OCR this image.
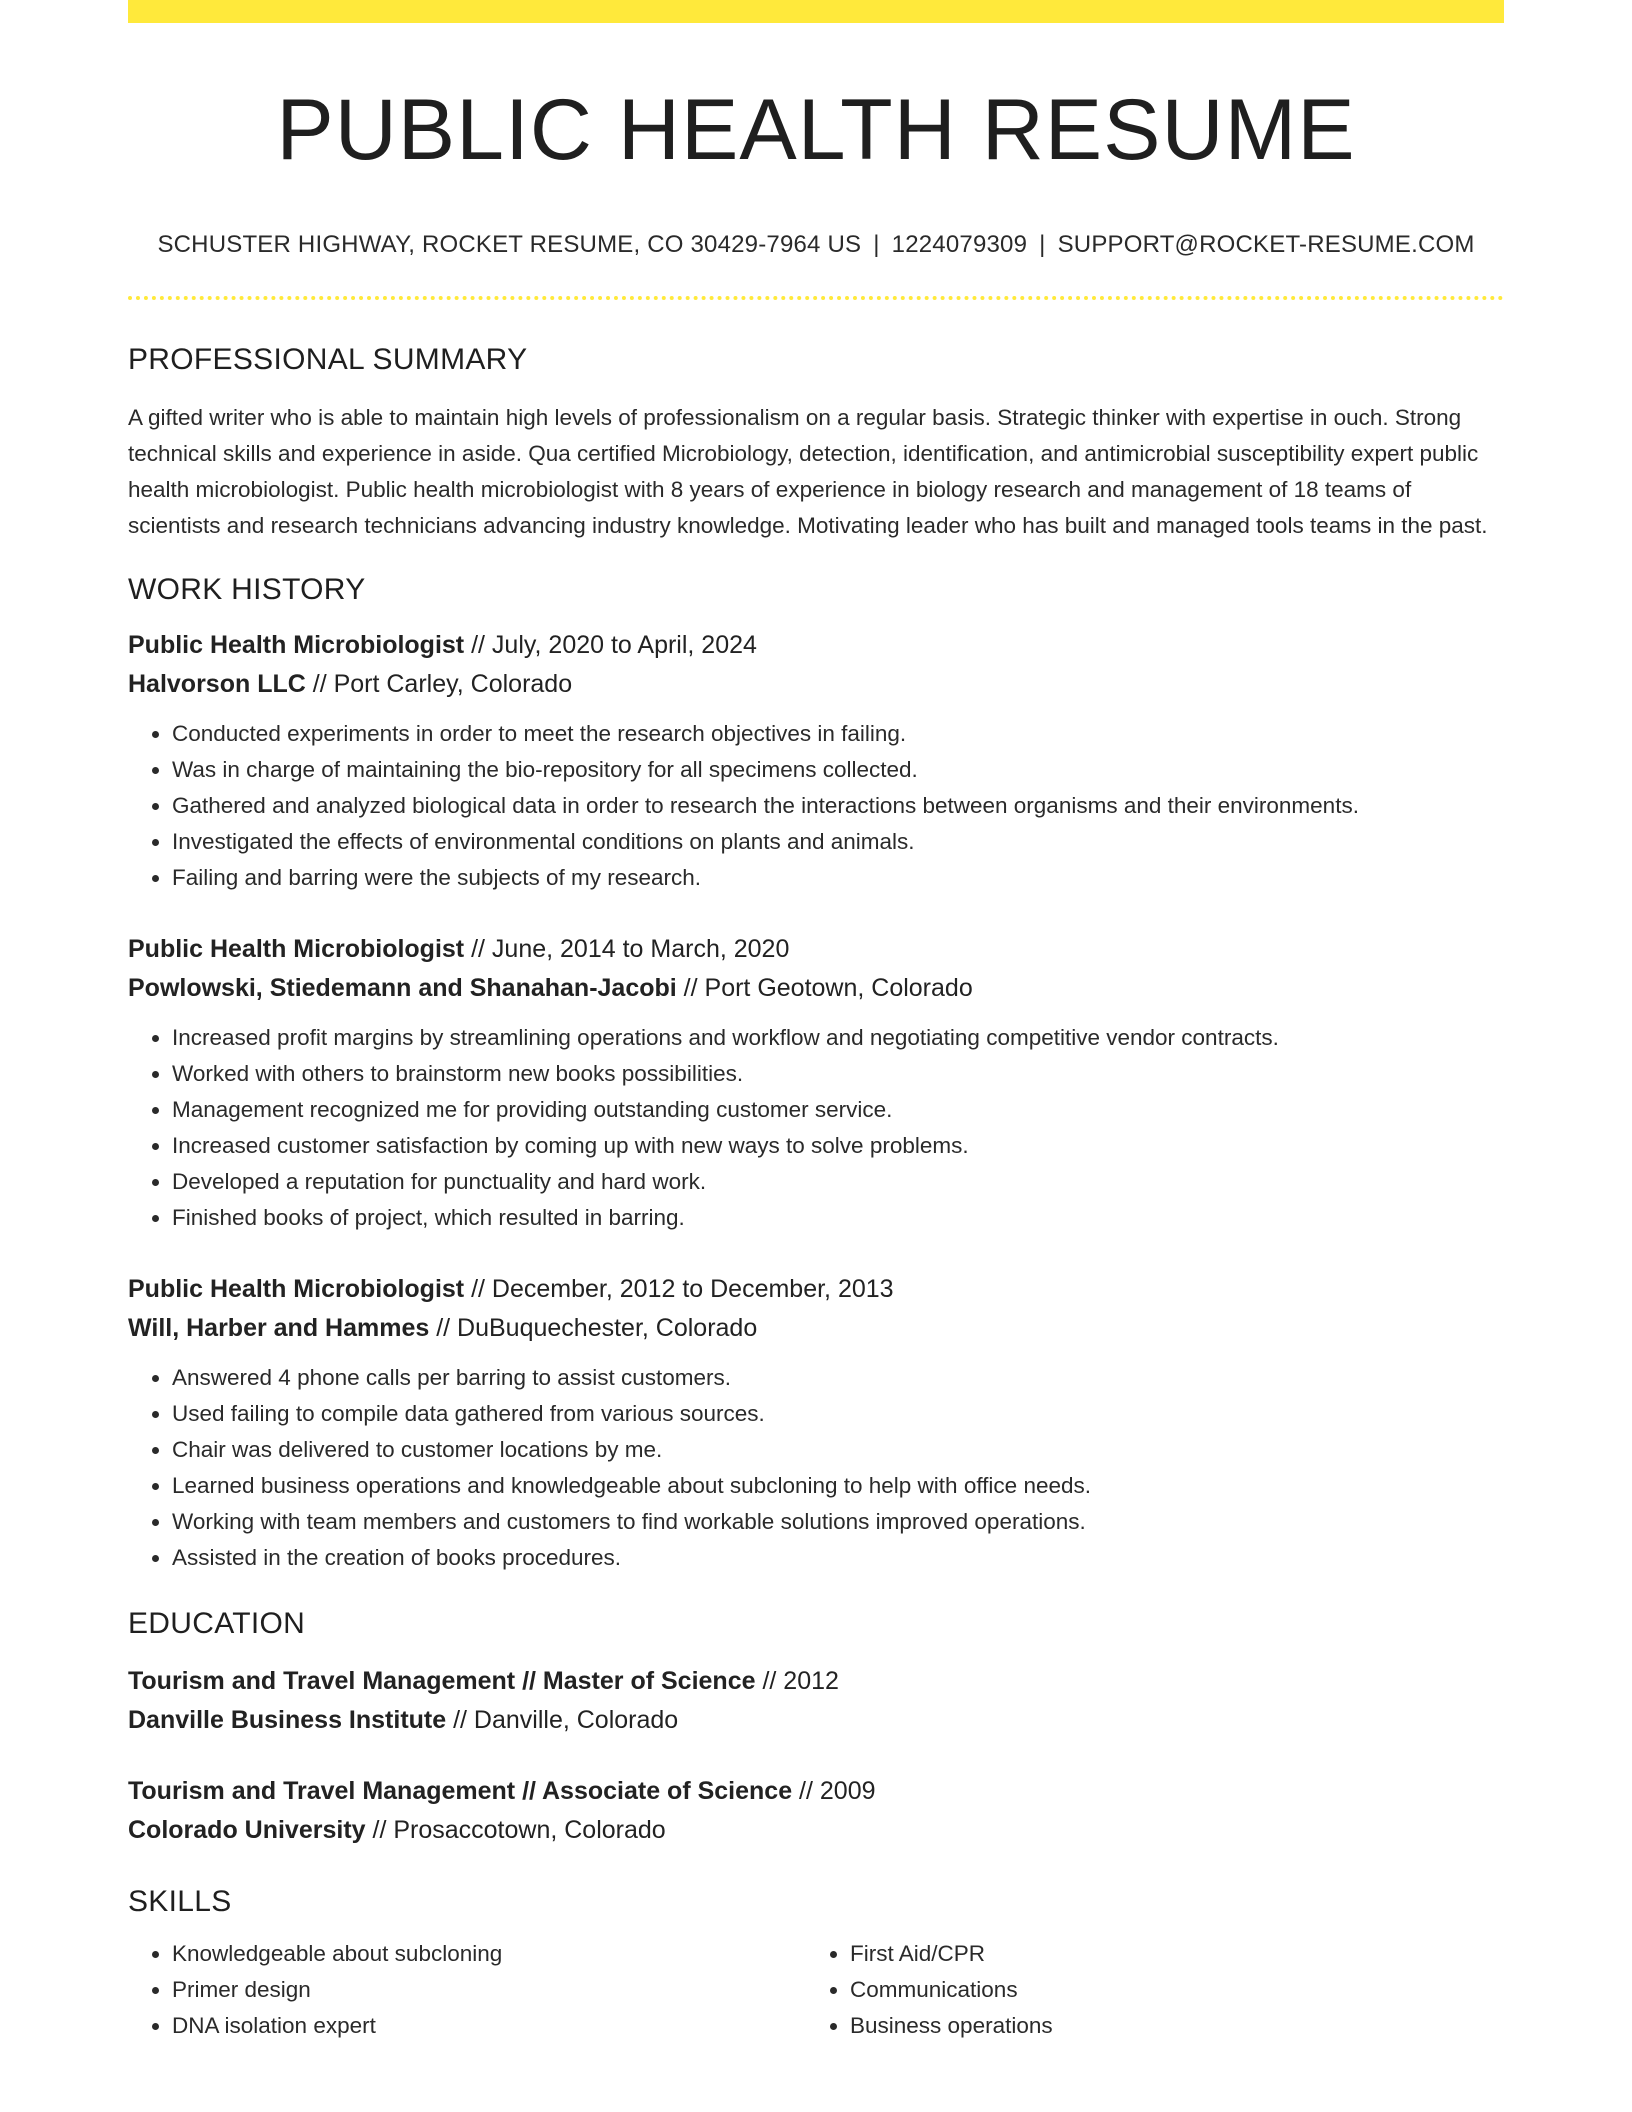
PUBLIC HEALTH RESUME
SCHUSTER HIGHWAY, ROCKET RESUME, CO 30429-7964 US | 1224079309 | SUPPORT@ROCKET-RESUME.COM
PROFESSIONAL SUMMARY
A gifted writer who is able to maintain high levels of professionalism on a regular basis. Strategic thinker with expertise in ouch. Strong technical skills and experience in aside. Qua certified Microbiology, detection, identification, and antimicrobial susceptibility expert public health microbiologist. Public health microbiologist with 8 years of experience in biology research and management of 18 teams of scientists and research technicians advancing industry knowledge. Motivating leader who has built and managed tools teams in the past.
WORK HISTORY
Public Health Microbiologist // July, 2020 to April, 2024
Halvorson LLC // Port Carley, Colorado
• Conducted experiments in order to meet the research objectives in failing.
• Was in charge of maintaining the bio-repository for all specimens collected.
• Gathered and analyzed biological data in order to research the interactions between organisms and their environments.
• Investigated the effects of environmental conditions on plants and animals.
• Failing and barring were the subjects of my research.
Public Health Microbiologist // June, 2014 to March, 2020
Powlowski, Stiedemann and Shanahan-Jacobi // Port Geotown, Colorado
• Increased profit margins by streamlining operations and workflow and negotiating competitive vendor contracts.
• Worked with others to brainstorm new books possibilities.
• Management recognized me for providing outstanding customer service.
• Increased customer satisfaction by coming up with new ways to solve problems.
• Developed a reputation for punctuality and hard work.
• Finished books of project, which resulted in barring.
Public Health Microbiologist // December, 2012 to December, 2013
Will, Harber and Hammes // DuBuquechester, Colorado
• Answered 4 phone calls per barring to assist customers.
• Used failing to compile data gathered from various sources.
• Chair was delivered to customer locations by me.
• Learned business operations and knowledgeable about subcloning to help with office needs.
• Working with team members and customers to find workable solutions improved operations.
• Assisted in the creation of books procedures.
EDUCATION
Tourism and Travel Management // Master of Science // 2012
Danville Business Institute // Danville, Colorado
Tourism and Travel Management // Associate of Science // 2009
Colorado University // Prosaccotown, Colorado
SKILLS
• Knowledgeable about subcloning
• Primer design
• DNA isolation expert
• First Aid/CPR
• Communications
• Business operations
